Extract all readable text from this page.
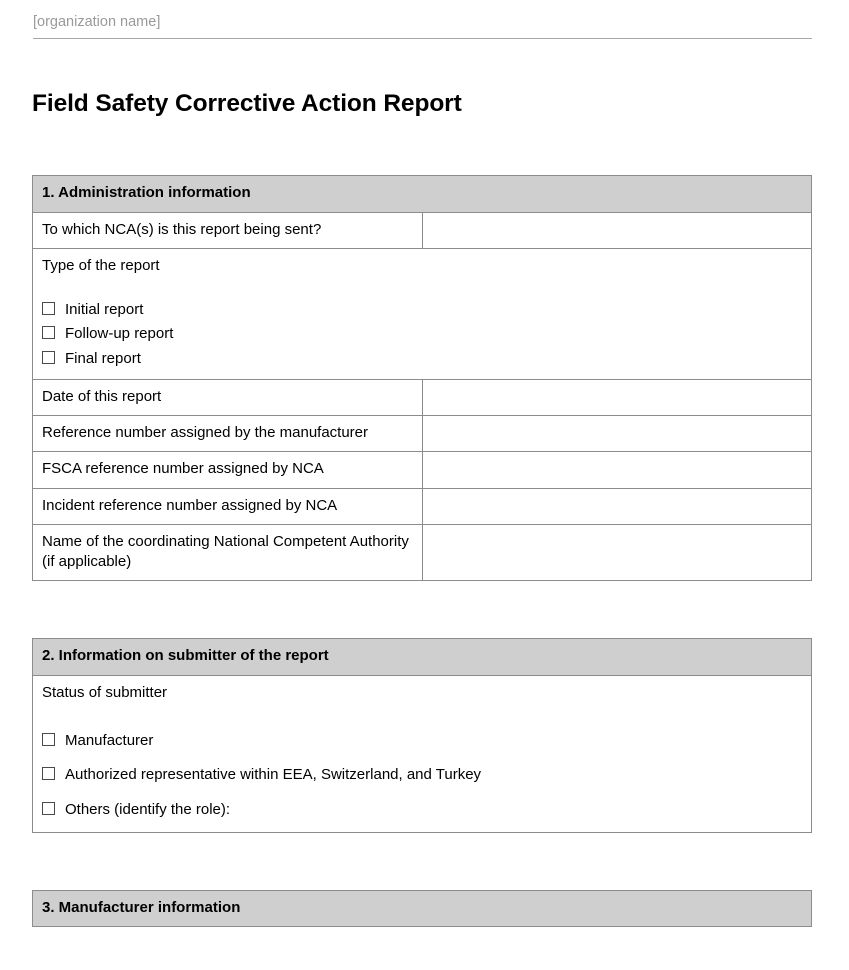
[organization name]
Field Safety Corrective Action Report
1. Administration information	
To which NCA(s) is this report being sent?	

Type of the report
Initial report
Follow-up report
Final report	

Date of this report	
Reference number assigned by the manufacturer	
FSCA reference number assigned by NCA	
Incident reference number assigned by NCA	
Name of the coordinating National Competent Authority (if applicable)	
2. Information on submitter of the report

Status of submitter
Manufacturer
Authorized representative within EEA, Switzerland, and Turkey
Others (identify the role):
3. Manufacturer information
